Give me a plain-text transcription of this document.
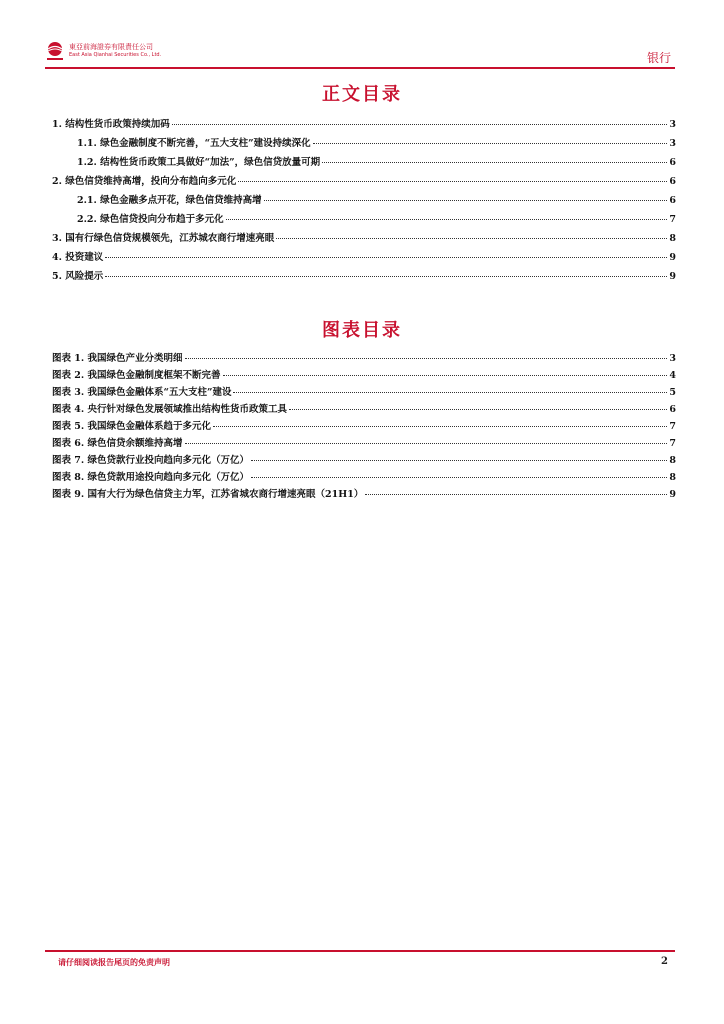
東亞前海證券有限責任公司
East Asia Qianhai Securities Co., Ltd.	银行
正文目录
1. 结构性货币政策持续加码	3
1.1. 绿色金融制度不断完善，“五大支柱”建设持续深化	3
1.2. 结构性货币政策工具做好“加法”，绿色信贷放量可期	6
2. 绿色信贷维持高增，投向分布趋向多元化	6
2.1. 绿色金融多点开花，绿色信贷维持高增	6
2.2. 绿色信贷投向分布趋于多元化	7
3. 国有行绿色信贷规模领先，江苏城农商行增速亮眼	8
4. 投资建议	9
5. 风险提示	9
图表目录
图表 1. 我国绿色产业分类明细	3
图表 2. 我国绿色金融制度框架不断完善	4
图表 3. 我国绿色金融体系“五大支柱”建设	5
图表 4. 央行针对绿色发展领域推出结构性货币政策工具	6
图表 5. 我国绿色金融体系趋于多元化	7
图表 6. 绿色信贷余额维持高增	7
图表 7. 绿色贷款行业投向趋向多元化（万亿）	8
图表 8. 绿色贷款用途投向趋向多元化（万亿）	8
图表 9. 国有大行为绿色信贷主力军，江苏省城农商行增速亮眼（21H1）	9
请仔细阅读报告尾页的免责声明	2
